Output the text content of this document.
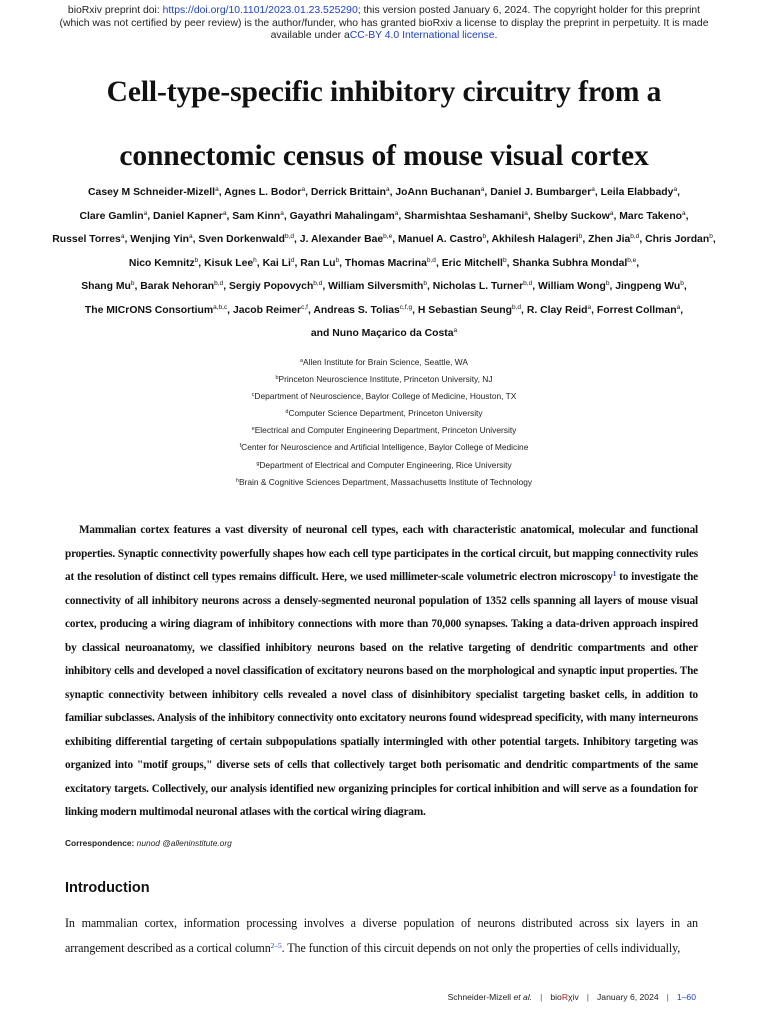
bioRxiv preprint doi: https://doi.org/10.1101/2023.01.23.525290; this version posted January 6, 2024. The copyright holder for this preprint
(which was not certified by peer review) is the author/funder, who has granted bioRxiv a license to display the preprint in perpetuity. It is made
available under aCC-BY 4.0 International license.
Cell-type-specific inhibitory circuitry from a
connectomic census of mouse visual cortex
Casey M Schneider-Mizell$^a$, Agnes L. Bodor$^a$, Derrick Brittain$^a$, JoAnn Buchanan$^a$, Daniel J. Bumbarger$^a$, Leila Elabbady$^a$,
Clare Gamlin$^a$, Daniel Kapner$^a$, Sam Kinn$^a$, Gayathri Mahalingam$^a$, Sharmishtaa Seshamani$^a$, Shelby Suckow$^a$, Marc Takeno$^a$,
Russel Torres$^a$, Wenjing Yin$^a$, Sven Dorkenwald$^{b,d}$, J. Alexander Bae$^{b,e}$, Manuel A. Castro$^b$, Akhilesh Halageri$^b$, Zhen Jia$^{b,d}$, Chris Jordan$^b$,
Nico Kemnitz$^b$, Kisuk Lee$^h$, Kai Li$^d$, Ran Lu$^b$, Thomas Macrina$^{b,d}$, Eric Mitchell$^b$, Shanka Subhra Mondal$^{b,e}$,
Shang Mu$^b$, Barak Nehoran$^{b,d}$, Sergiy Popovych$^{b,d}$, William Silversmith$^b$, Nicholas L. Turner$^{b,d}$, William Wong$^b$, Jingpeng Wu$^b$,
The MICrONS Consortium$^{a,b,c}$, Jacob Reimer$^{c,f}$, Andreas S. Tolias$^{c,f,g}$, H Sebastian Seung$^{b,d}$, R. Clay Reid$^a$, Forrest Collman$^a$,
and Nuno Maçarico da Costa$^a$
$^a$Allen Institute for Brain Science, Seattle, WA
$^b$Princeton Neuroscience Institute, Princeton University, NJ
$^c$Department of Neuroscience, Baylor College of Medicine, Houston, TX
$^d$Computer Science Department, Princeton University
$^e$Electrical and Computer Engineering Department, Princeton University
$^f$Center for Neuroscience and Artificial Intelligence, Baylor College of Medicine
$^g$Department of Electrical and Computer Engineering, Rice University
$^h$Brain & Cognitive Sciences Department, Massachusetts Institute of Technology

Mammalian cortex features a vast diversity of neuronal cell types, each with characteristic anatomical, molecular and functional properties. Synaptic connectivity powerfully shapes how each cell type participates in the cortical circuit, but mapping connectivity rules at the resolution of distinct cell types remains difficult. Here, we used millimeter-scale volumetric electron microscopy$^1$ to investigate the connectivity of all inhibitory neurons across a densely-segmented neuronal population of 1352 cells spanning all layers of mouse visual cortex, producing a wiring diagram of inhibitory connections with more than 70,000 synapses. Taking a data-driven approach inspired by classical neuroanatomy, we classified inhibitory neurons based on the relative targeting of dendritic compartments and other inhibitory cells and developed a novel classification of excitatory neurons based on the morphological and synaptic input properties. The synaptic connectivity between inhibitory cells revealed a novel class of disinhibitory specialist targeting basket cells, in addition to familiar subclasses. Analysis of the inhibitory connectivity onto excitatory neurons found widespread specificity, with many interneurons exhibiting differential targeting of certain subpopulations spatially intermingled with other potential targets. Inhibitory targeting was organized into "motif groups," diverse sets of cells that collectively target both perisomatic and dendritic compartments of the same excitatory targets. Collectively, our analysis identified new organizing principles for cortical inhibition and will serve as a foundation for linking modern multimodal neuronal atlases with the cortical wiring diagram.

Correspondence: nunod @alleninstitute.org
Introduction

In mammalian cortex, information processing involves a diverse population of neurons distributed across six layers in an arrangement described as a cortical column$^{2-5}$. The function of this circuit depends on not only the properties of cells individually,

Schneider-Mizell et al. | bioRχiv | January 6, 2024 | 1–60
